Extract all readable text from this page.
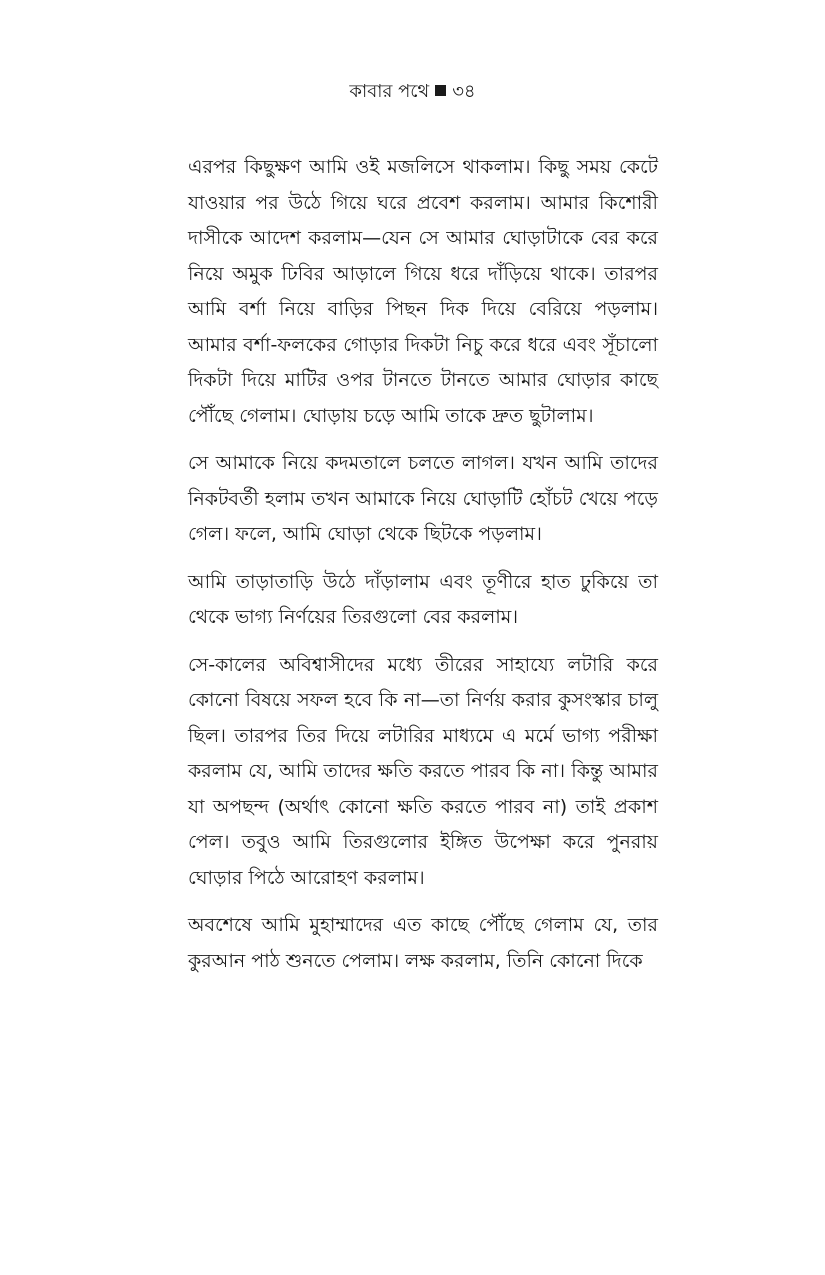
কাবার পথে ৩৪

এরপর কিছুক্ষণ আমি ওই মজলিসে থাকলাম। কিছু সময় কেটে যাওয়ার পর উঠে গিয়ে ঘরে প্রবেশ করলাম। আমার কিশোরী দাসীকে আদেশ করলাম—যেন সে আমার ঘোড়াটাকে বের করে নিয়ে অমুক ঢিবির আড়ালে গিয়ে ধরে দাঁড়িয়ে থাকে। তারপর আমি বর্শা নিয়ে বাড়ির পিছন দিক দিয়ে বেরিয়ে পড়লাম। আমার বর্শা-ফলকের গোড়ার দিকটা নিচু করে ধরে এবং সূঁচালো দিকটা দিয়ে মাটির ওপর টানতে টানতে আমার ঘোড়ার কাছে পৌঁছে গেলাম। ঘোড়ায় চড়ে আমি তাকে দ্রুত ছুটালাম।

সে আমাকে নিয়ে কদমতালে চলতে লাগল। যখন আমি তাদের নিকটবর্তী হলাম তখন আমাকে নিয়ে ঘোড়াটি হোঁচট খেয়ে পড়ে গেল। ফলে, আমি ঘোড়া থেকে ছিটকে পড়লাম।

আমি তাড়াতাড়ি উঠে দাঁড়ালাম এবং তূণীরে হাত ঢুকিয়ে তা থেকে ভাগ্য নির্ণয়ের তিরগুলো বের করলাম।

সে-কালের অবিশ্বাসীদের মধ্যে তীরের সাহায্যে লটারি করে কোনো বিষয়ে সফল হবে কি না—তা নির্ণয় করার কুসংস্কার চালু ছিল। তারপর তির দিয়ে লটারির মাধ্যমে এ মর্মে ভাগ্য পরীক্ষা করলাম যে, আমি তাদের ক্ষতি করতে পারব কি না। কিন্তু আমার যা অপছন্দ (অর্থাৎ কোনো ক্ষতি করতে পারব না) তাই প্রকাশ পেল। তবুও আমি তিরগুলোর ইঙ্গিত উপেক্ষা করে পুনরায় ঘোড়ার পিঠে আরোহণ করলাম।

অবশেষে আমি মুহাম্মাদের এত কাছে পৌঁছে গেলাম যে, তার কুরআন পাঠ শুনতে পেলাম। লক্ষ করলাম, তিনি কোনো দিকে
